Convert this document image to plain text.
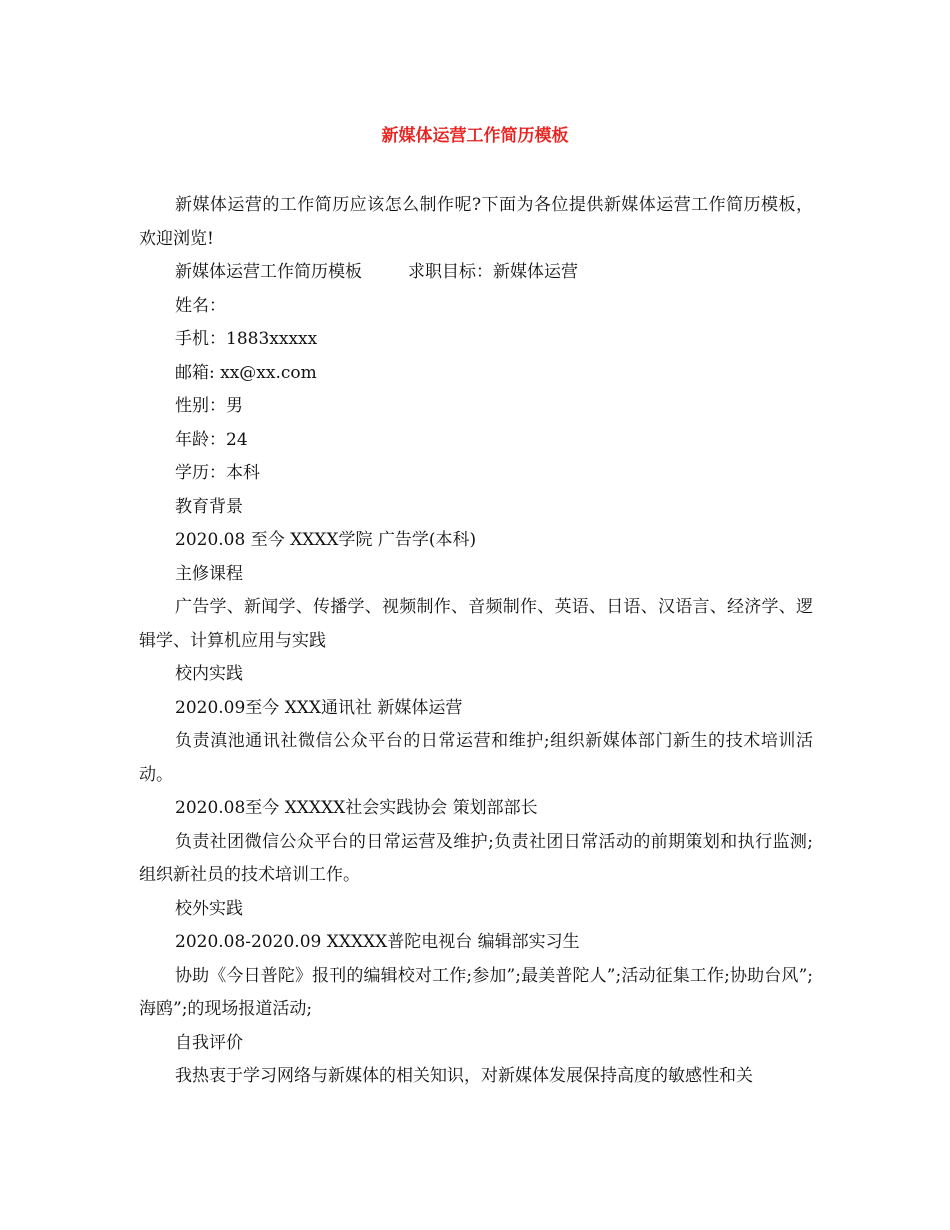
新媒体运营工作简历模板

新媒体运营的工作简历应该怎么制作呢?下面为各位提供新媒体运营工作简历模板，欢迎浏览!

新媒体运营工作简历模板	求职目标：新媒体运营

姓名：

手机：1883xxxxx

邮箱: xx@xx.com

性别：男

年龄：24

学历：本科

教育背景

2020.08 至今 XXXX学院 广告学(本科)

主修课程

广告学、新闻学、传播学、视频制作、音频制作、英语、日语、汉语言、经济学、逻辑学、计算机应用与实践

校内实践

2020.09至今 XXX通讯社 新媒体运营

负责滇池通讯社微信公众平台的日常运营和维护;组织新媒体部门新生的技术培训活动。

2020.08至今 XXXXX社会实践协会 策划部部长

负责社团微信公众平台的日常运营及维护;负责社团日常活动的前期策划和执行监测;组织新社员的技术培训工作。

校外实践

2020.08-2020.09 XXXXX普陀电视台 编辑部实习生

协助《今日普陀》报刊的编辑校对工作;参加”;最美普陀人”;活动征集工作;协助台风”;海鸥”;的现场报道活动;

自我评价

我热衷于学习网络与新媒体的相关知识，对新媒体发展保持高度的敏感性和关
